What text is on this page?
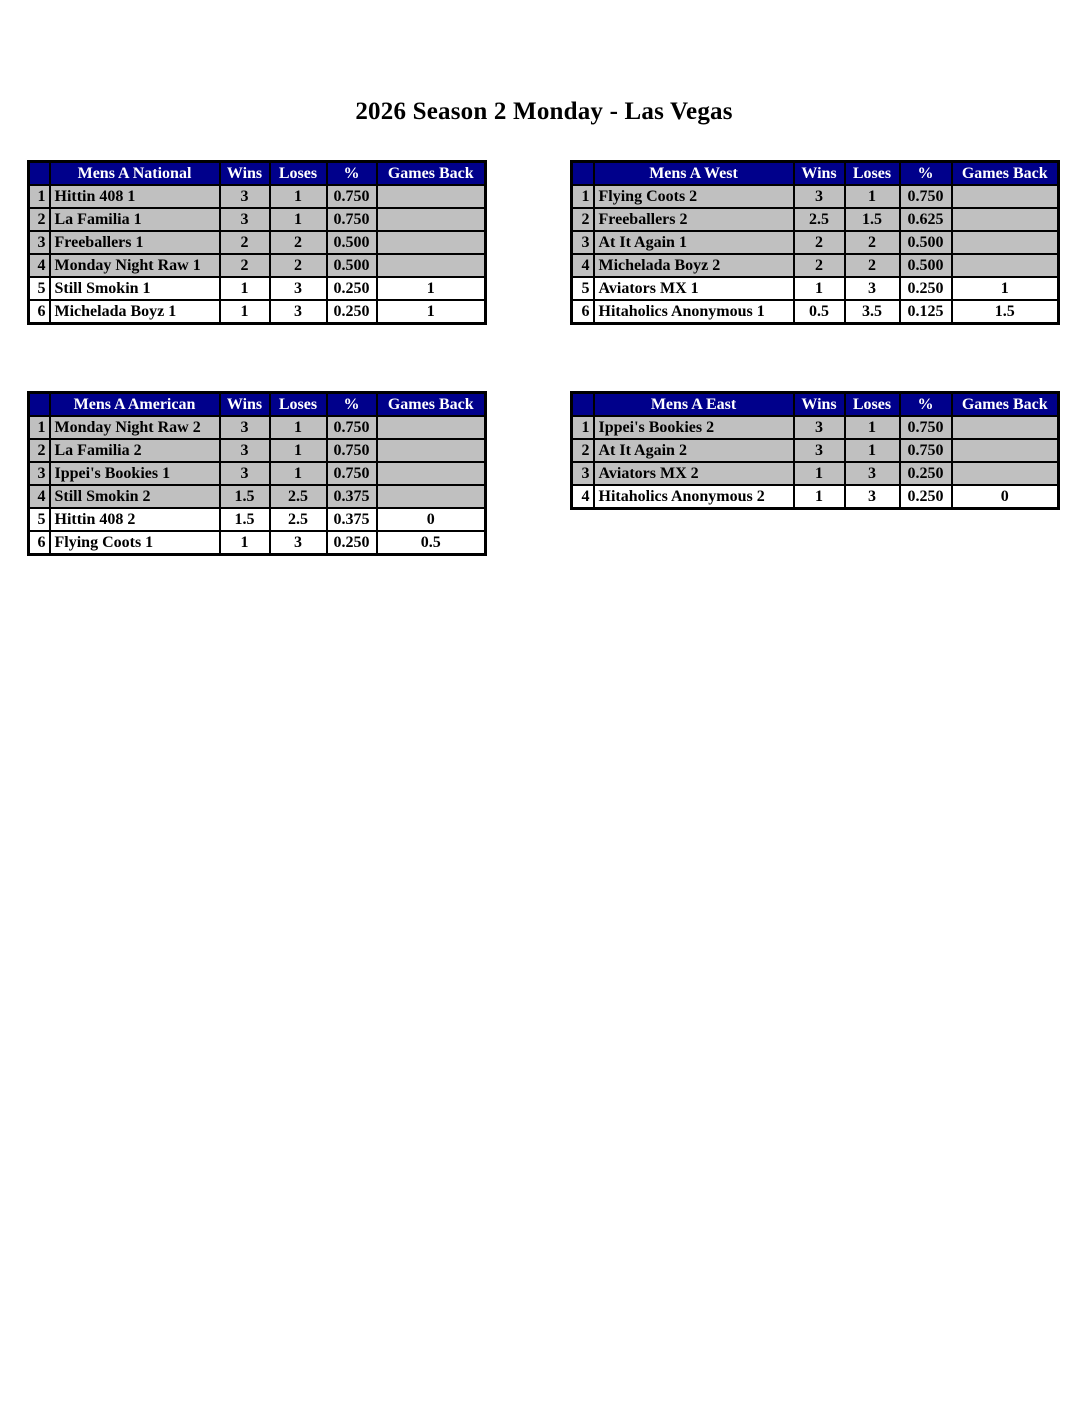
2026 Season 2 Monday - Las Vegas
	Mens A National	Wins	Loses	%	Games Back
1	Hittin 408 1	3	1	0.750	
2	La Familia 1	3	1	0.750	
3	Freeballers 1	2	2	0.500	
4	Monday Night Raw 1	2	2	0.500	
5	Still Smokin 1	1	3	0.250	1
6	Michelada Boyz 1	1	3	0.250	1
	Mens A West	Wins	Loses	%	Games Back
1	Flying Coots 2	3	1	0.750	
2	Freeballers 2	2.5	1.5	0.625	
3	At It Again 1	2	2	0.500	
4	Michelada Boyz 2	2	2	0.500	
5	Aviators MX 1	1	3	0.250	1
6	Hitaholics Anonymous 1	0.5	3.5	0.125	1.5
	Mens A American	Wins	Loses	%	Games Back
1	Monday Night Raw 2	3	1	0.750	
2	La Familia 2	3	1	0.750	
3	Ippei's Bookies 1	3	1	0.750	
4	Still Smokin 2	1.5	2.5	0.375	
5	Hittin 408 2	1.5	2.5	0.375	0
6	Flying Coots 1	1	3	0.250	0.5
	Mens A East	Wins	Loses	%	Games Back
1	Ippei's Bookies 2	3	1	0.750	
2	At It Again 2	3	1	0.750	
3	Aviators MX 2	1	3	0.250	
4	Hitaholics Anonymous 2	1	3	0.250	0
